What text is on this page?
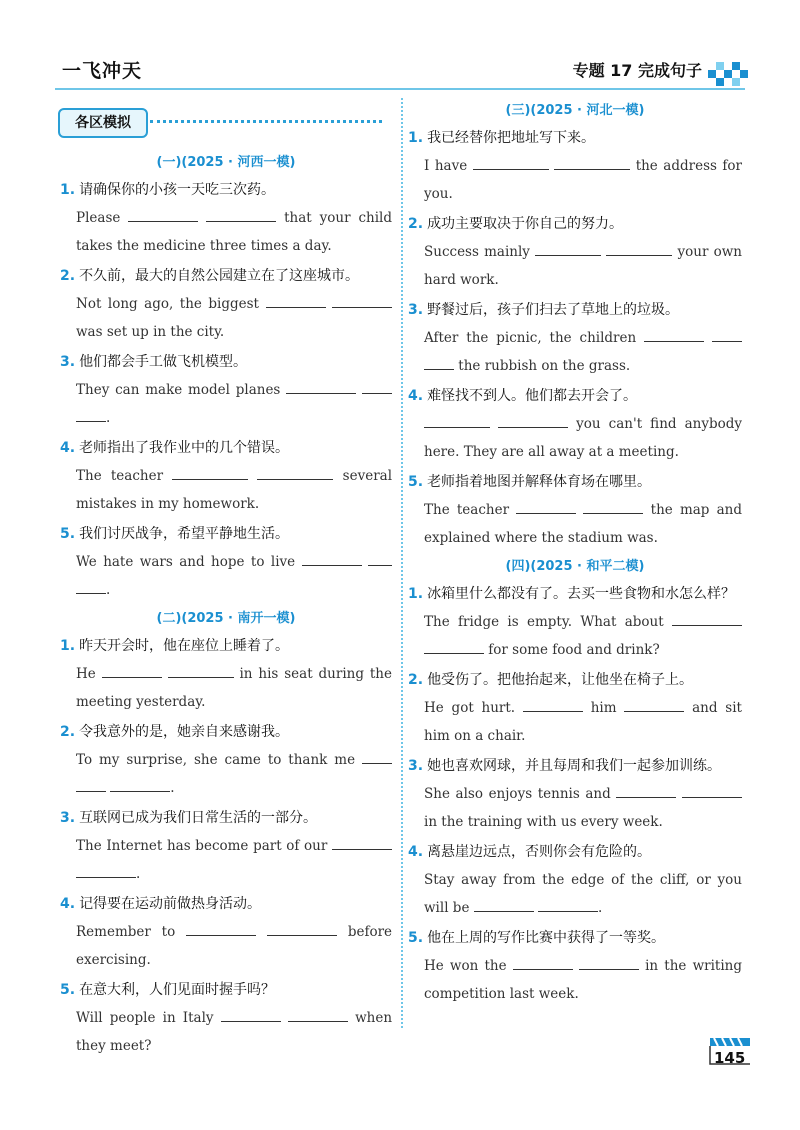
一飞冲天	专题 17 完成句子
各区模拟
(一)(2025 · 河西一模)
1. 请确保你的小孩一天吃三次药。
Please	that your child takes the medicine three times a day.
2. 不久前，最大的自然公园建立在了这座城市。
Not long ago, the biggest   was set up in the city.
3. 他们都会手工做飞机模型。
They can make model planes   .
4. 老师指出了我作业中的几个错误。
The teacher	several mistakes in my homework.
5. 我们讨厌战争，希望平静地生活。
We hate wars and hope to live   .
(二)(2025 · 南开一模)
1. 昨天开会时，他在座位上睡着了。
He	in his seat during the meeting yesterday.
2. 令我意外的是，她亲自来感谢我。
To my surprise, she came to thank me   .
3. 互联网已成为我们日常生活的一部分。
The Internet has become part of our  .
4. 记得要在运动前做热身活动。
Remember to	before exercising.
5. 在意大利，人们见面时握手吗？
Will people in Italy	when they meet?
(三)(2025 · 河北一模)
1. 我已经替你把地址写下来。
I have	the address for you.
2. 成功主要取决于你自己的努力。
Success mainly	your own hard work.
3. 野餐过后，孩子们扫去了草地上的垃圾。
After the picnic, the children    the rubbish on the grass.
4. 难怪找不到人。他们都去开会了。
you can't find anybody here. They are all away at a meeting.
5. 老师指着地图并解释体育场在哪里。
The teacher	the map and explained where the stadium was.
(四)(2025 · 和平二模)
1. 冰箱里什么都没有了。去买一些食物和水怎么样？
The fridge is empty. What about   for some food and drink?
2. 他受伤了。把他抬起来，让他坐在椅子上。
He got hurt.	him	and sit him on a chair.
3. 她也喜欢网球，并且每周和我们一起参加训练。
She also enjoys tennis and   in the training with us every week.
4. 离悬崖边远点，否则你会有危险的。
Stay away from the edge of the cliff, or you will be	.
5. 他在上周的写作比赛中获得了一等奖。
He won the	in the writing competition last week.
145
